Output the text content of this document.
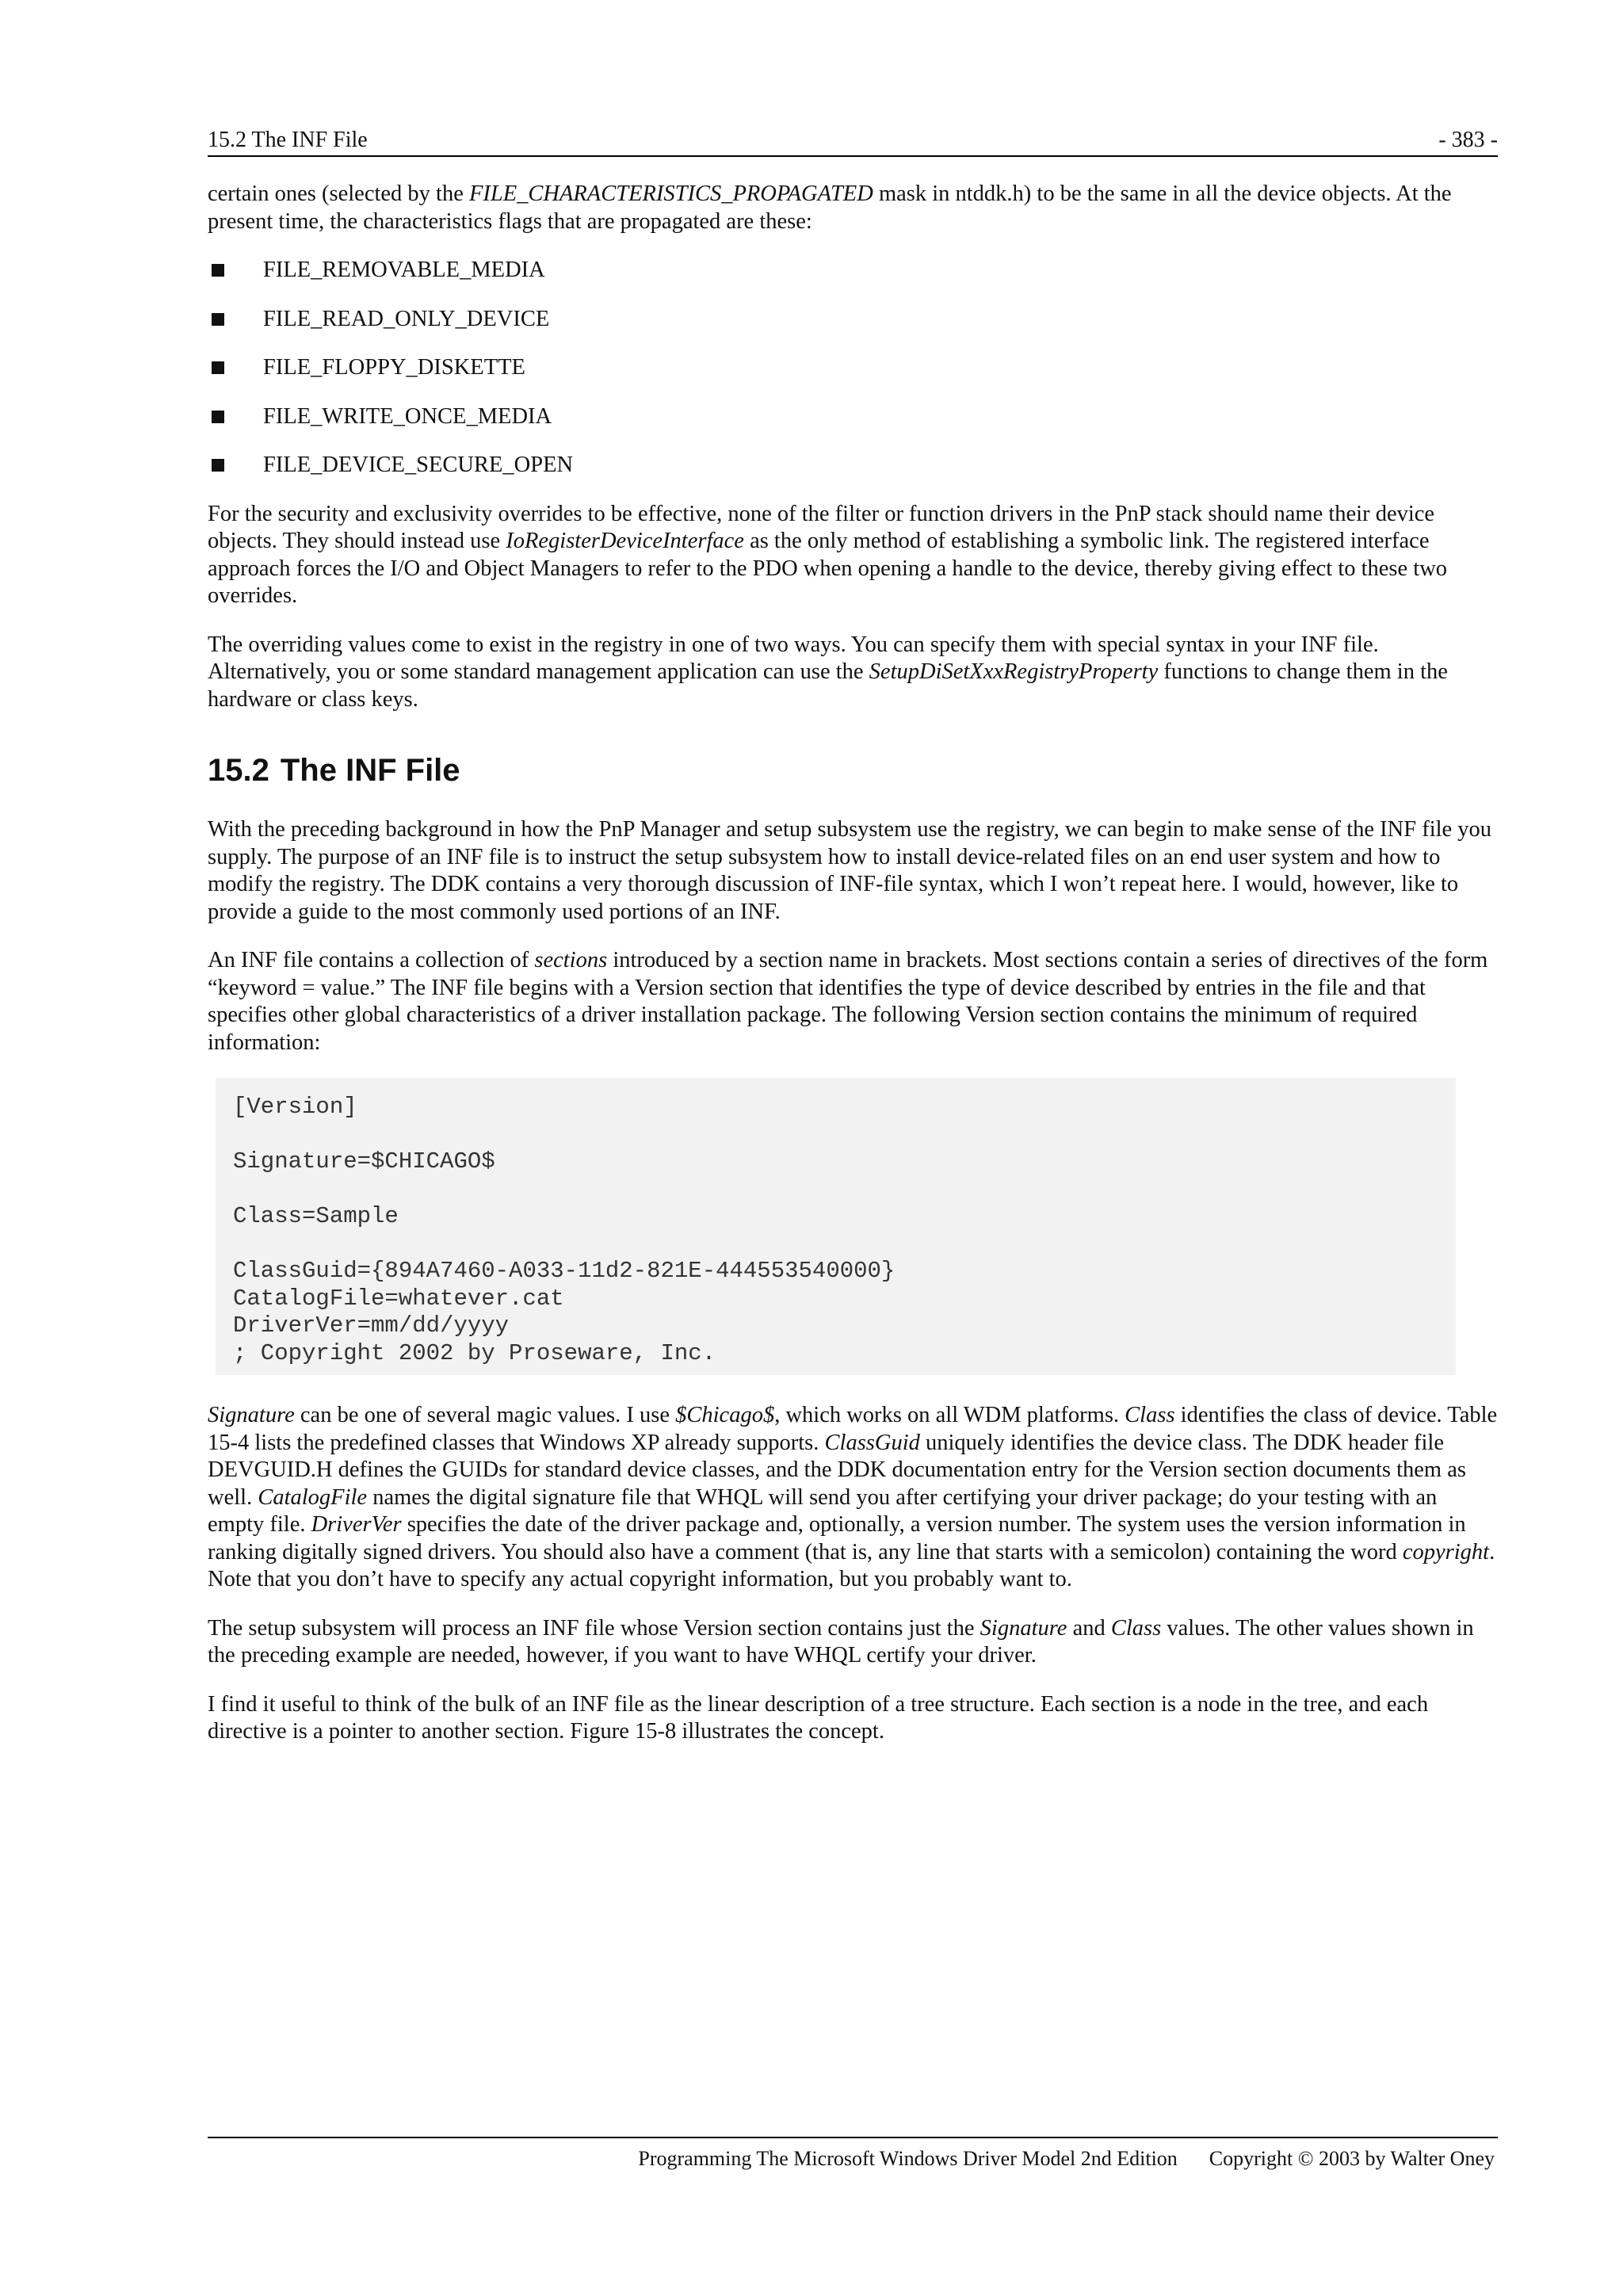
15.2 The INF File	- 383 -

certain ones (selected by the FILE_CHARACTERISTICS_PROPAGATED mask in ntddk.h) to be the same in all the device objects. At the present time, the characteristics flags that are propagated are these:

FILE_REMOVABLE_MEDIA
FILE_READ_ONLY_DEVICE
FILE_FLOPPY_DISKETTE
FILE_WRITE_ONCE_MEDIA
FILE_DEVICE_SECURE_OPEN

For the security and exclusivity overrides to be effective, none of the filter or function drivers in the PnP stack should name their device objects. They should instead use IoRegisterDeviceInterface as the only method of establishing a symbolic link. The registered interface approach forces the I/O and Object Managers to refer to the PDO when opening a handle to the device, thereby giving effect to these two overrides.

The overriding values come to exist in the registry in one of two ways. You can specify them with special syntax in your INF file. Alternatively, you or some standard management application can use the SetupDiSetXxxRegistryProperty functions to change them in the hardware or class keys.

15.2 The INF File

With the preceding background in how the PnP Manager and setup subsystem use the registry, we can begin to make sense of the INF file you supply. The purpose of an INF file is to instruct the setup subsystem how to install device-related files on an end user system and how to modify the registry. The DDK contains a very thorough discussion of INF-file syntax, which I won’t repeat here. I would, however, like to provide a guide to the most commonly used portions of an INF.

An INF file contains a collection of sections introduced by a section name in brackets. Most sections contain a series of directives of the form “keyword = value.” The INF file begins with a Version section that identifies the type of device described by entries in the file and that specifies other global characteristics of a driver installation package. The following Version section contains the minimum of required information:

[Version]
Signature=$CHICAGO$
Class=Sample
ClassGuid={894A7460-A033-11d2-821E-444553540000}
CatalogFile=whatever.cat
DriverVer=mm/dd/yyyy
; Copyright 2002 by Proseware, Inc.

Signature can be one of several magic values. I use $Chicago$, which works on all WDM platforms. Class identifies the class of device. Table 15-4 lists the predefined classes that Windows XP already supports. ClassGuid uniquely identifies the device class. The DDK header file DEVGUID.H defines the GUIDs for standard device classes, and the DDK documentation entry for the Version section documents them as well. CatalogFile names the digital signature file that WHQL will send you after certifying your driver package; do your testing with an empty file. DriverVer specifies the date of the driver package and, optionally, a version number. The system uses the version information in ranking digitally signed drivers. You should also have a comment (that is, any line that starts with a semicolon) containing the word copyright. Note that you don’t have to specify any actual copyright information, but you probably want to.

The setup subsystem will process an INF file whose Version section contains just the Signature and Class values. The other values shown in the preceding example are needed, however, if you want to have WHQL certify your driver.

I find it useful to think of the bulk of an INF file as the linear description of a tree structure. Each section is a node in the tree, and each directive is a pointer to another section. Figure 15-8 illustrates the concept.

Programming The Microsoft Windows Driver Model 2nd Edition Copyright © 2003 by Walter Oney
